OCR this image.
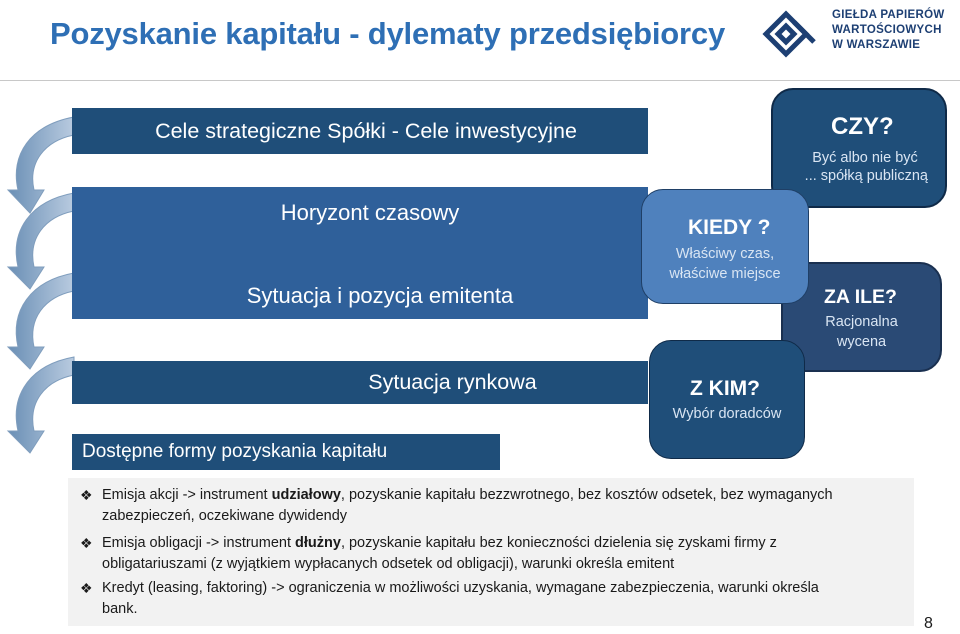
Pozyskanie kapitału - dylematy przedsiębiorcy
GIEŁDA PAPIERÓW
WARTOŚCIOWYCH
W WARSZAWIE
Cele strategiczne Spółki - Cele inwestycyjne
Horyzont czasowy
Sytuacja i pozycja emitenta
Sytuacja rynkowa
Dostępne formy pozyskania kapitału
CZY?
Być albo nie być
... spółką publiczną
ZA ILE?
Racjonalna
wycena
KIEDY ?
Właściwy czas,
właściwe miejsce
Z KIM?
Wybór doradców
❖ Emisja akcji -> instrument udziałowy, pozyskanie kapitału bezzwrotnego, bez kosztów odsetek, bez wymaganych
zabezpieczeń, oczekiwane dywidendy
❖ Emisja obligacji -> instrument dłużny, pozyskanie kapitału bez konieczności dzielenia się zyskami firmy z
obligatariuszami (z wyjątkiem wypłacanych odsetek od obligacji), warunki określa emitent
❖ Kredyt (leasing, faktoring) -> ograniczenia w możliwości uzyskania, wymagane zabezpieczenia, warunki określa
bank.
8
